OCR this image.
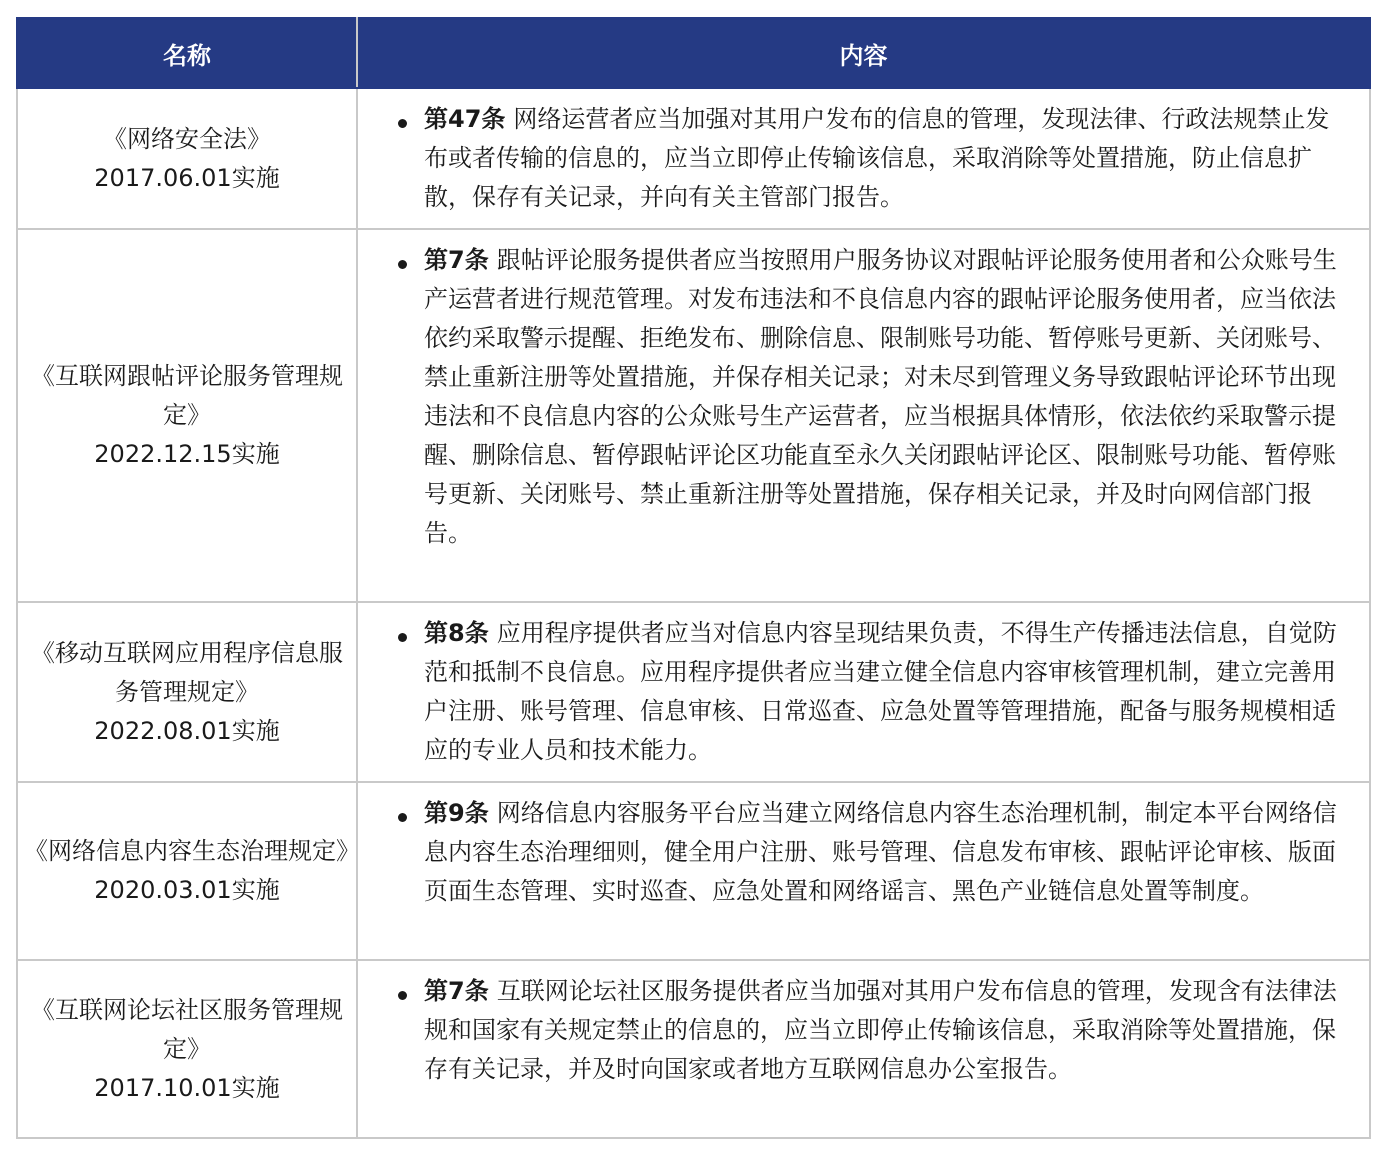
名称	内容

《网络安全法》
2017.06.01实施	第47条 网络运营者应当加强对其用户发布的信息的管理，发现法律、行政法规禁止发布或者传输的信息的，应当立即停止传输该信息，采取消除等处置措施，防止信息扩散，保存有关记录，并向有关主管部门报告。

《互联网跟帖评论服务管理规定》
2022.12.15实施	第7条 跟帖评论服务提供者应当按照用户服务协议对跟帖评论服务使用者和公众账号生产运营者进行规范管理。对发布违法和不良信息内容的跟帖评论服务使用者，应当依法依约采取警示提醒、拒绝发布、删除信息、限制账号功能、暂停账号更新、关闭账号、禁止重新注册等处置措施，并保存相关记录；对未尽到管理义务导致跟帖评论环节出现违法和不良信息内容的公众账号生产运营者，应当根据具体情形，依法依约采取警示提醒、删除信息、暂停跟帖评论区功能直至永久关闭跟帖评论区、限制账号功能、暂停账号更新、关闭账号、禁止重新注册等处置措施，保存相关记录，并及时向网信部门报告。

《移动互联网应用程序信息服务管理规定》
2022.08.01实施	第8条 应用程序提供者应当对信息内容呈现结果负责，不得生产传播违法信息，自觉防范和抵制不良信息。应用程序提供者应当建立健全信息内容审核管理机制，建立完善用户注册、账号管理、信息审核、日常巡查、应急处置等管理措施，配备与服务规模相适应的专业人员和技术能力。

《网络信息内容生态治理规定》
2020.03.01实施	第9条 网络信息内容服务平台应当建立网络信息内容生态治理机制，制定本平台网络信息内容生态治理细则，健全用户注册、账号管理、信息发布审核、跟帖评论审核、版面页面生态管理、实时巡查、应急处置和网络谣言、黑色产业链信息处置等制度。

《互联网论坛社区服务管理规定》
2017.10.01实施	第7条 互联网论坛社区服务提供者应当加强对其用户发布信息的管理，发现含有法律法规和国家有关规定禁止的信息的，应当立即停止传输该信息，采取消除等处置措施，保存有关记录，并及时向国家或者地方互联网信息办公室报告。
